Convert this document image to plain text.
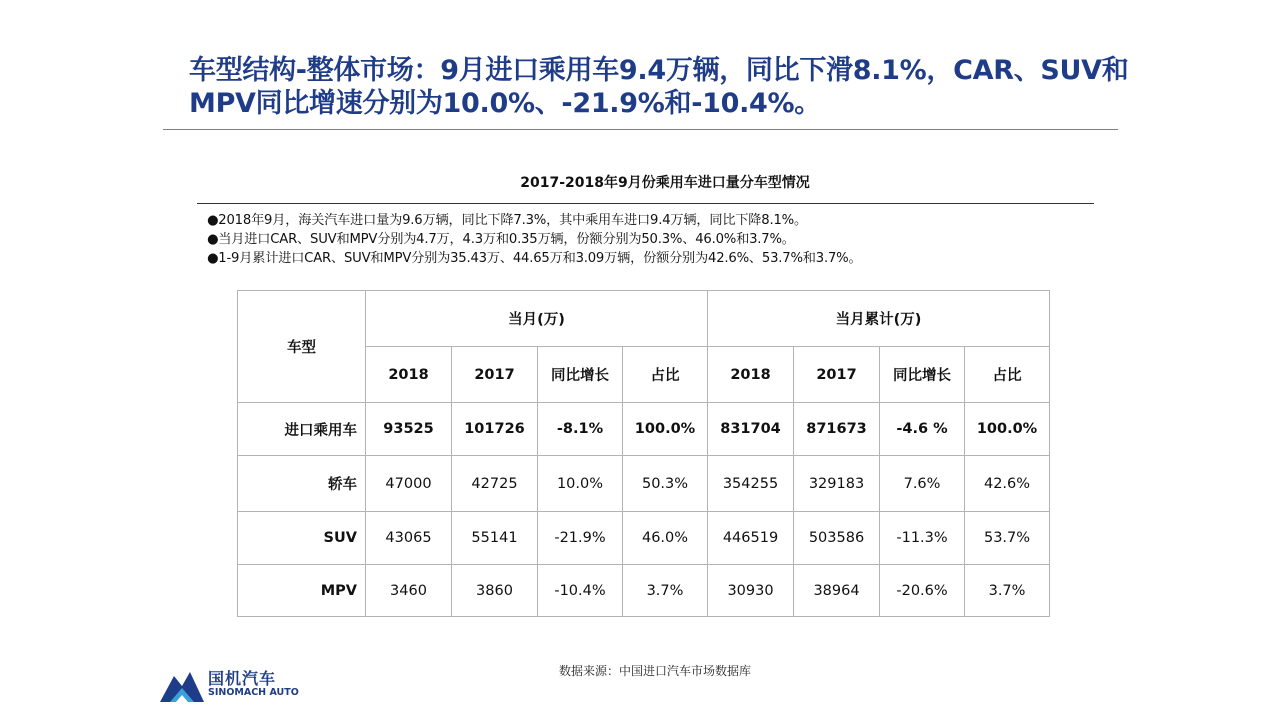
车型结构-整体市场：9月进口乘用车9.4万辆，同比下滑8.1%，CAR、SUV和
MPV同比增速分别为10.0%、-21.9%和-10.4%。
2017-2018年9月份乘用车进口量分车型情况
●2018年9月，海关汽车进口量为9.6万辆，同比下降7.3%，其中乘用车进口9.4万辆，同比下降8.1%。
●当月进口CAR、SUV和MPV分别为4.7万，4.3万和0.35万辆，份额分别为50.3%、46.0%和3.7%。
●1-9月累计进口CAR、SUV和MPV分别为35.43万、44.65万和3.09万辆，份额分别为42.6%、53.7%和3.7%。
车型	当月(万)				当月累计(万)			
	2018	2017	同比增长	占比	2018	2017	同比增长	占比
进口乘用车	93525	101726	-8.1%	100.0%	831704	871673	-4.6 %	100.0%
轿车	47000	42725	10.0%	50.3%	354255	329183	7.6%	42.6%
SUV	43065	55141	-21.9%	46.0%	446519	503586	-11.3%	53.7%
MPV	3460	3860	-10.4%	3.7%	30930	38964	-20.6%	3.7%
数据来源：中国进口汽车市场数据库
国机汽车
SINOMACH AUTO
